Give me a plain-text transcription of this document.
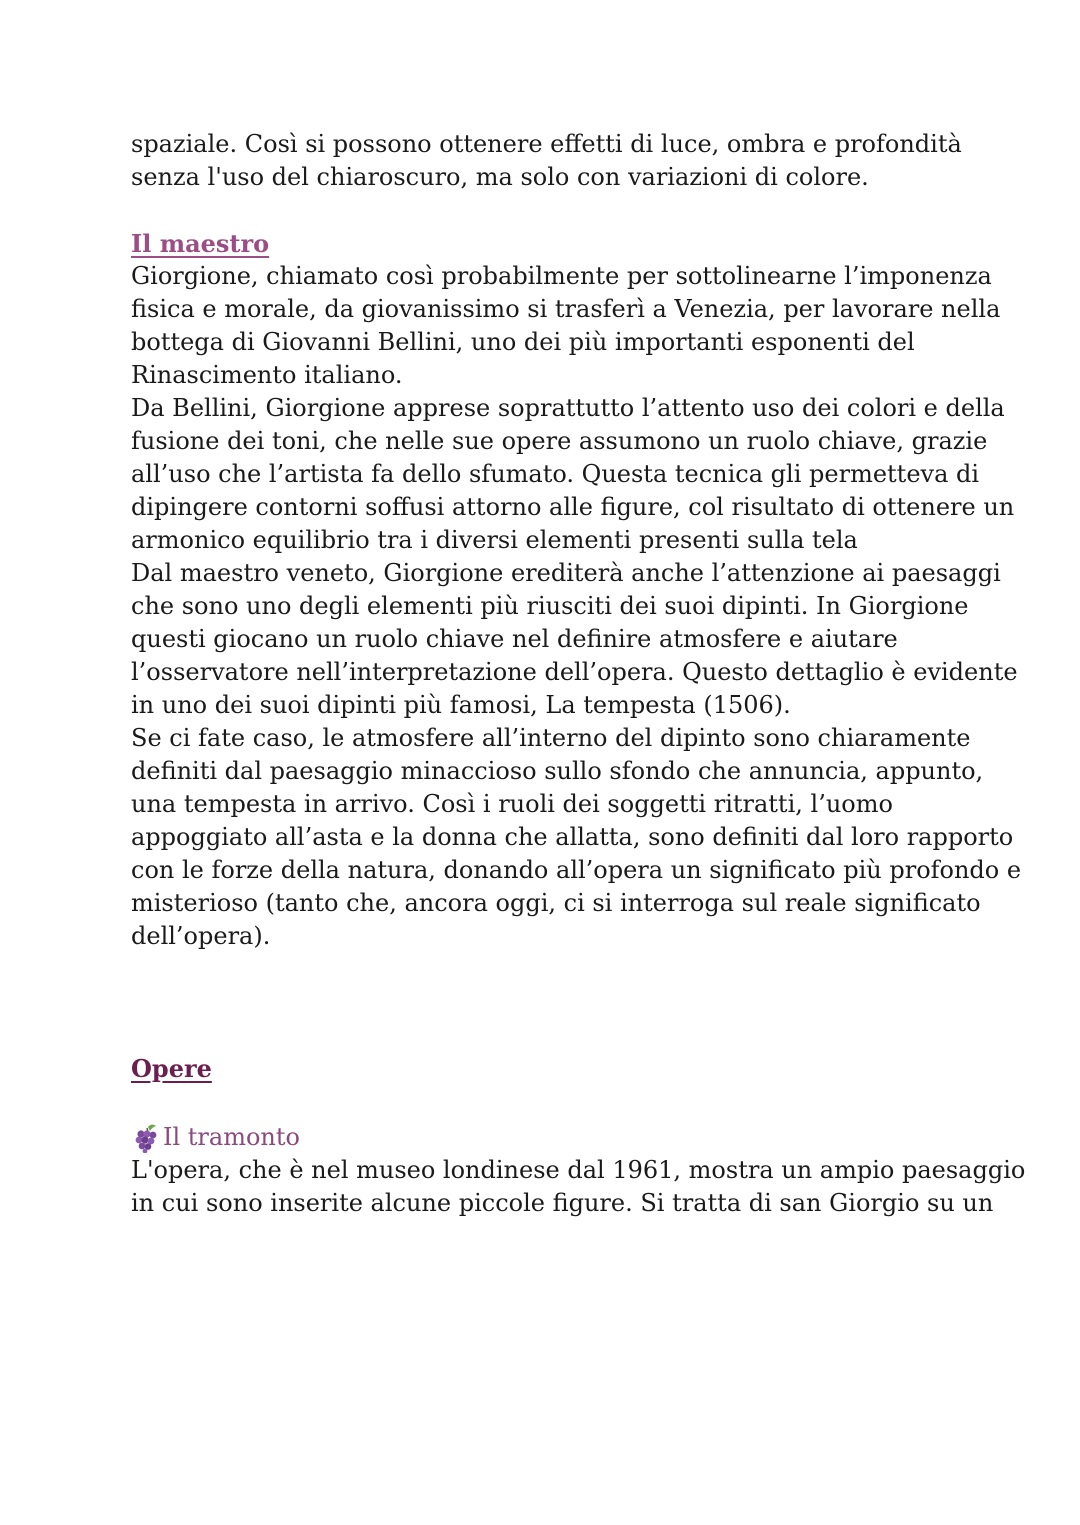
spaziale. Così si possono ottenere effetti di luce, ombra e profondità
senza l'uso del chiaroscuro, ma solo con variazioni di colore.

Il maestro

Giorgione, chiamato così probabilmente per sottolinearne l’imponenza
fisica e morale, da giovanissimo si trasferì a Venezia, per lavorare nella
bottega di Giovanni Bellini, uno dei più importanti esponenti del
Rinascimento italiano.

Da Bellini, Giorgione apprese soprattutto l’attento uso dei colori e della
fusione dei toni, che nelle sue opere assumono un ruolo chiave, grazie
all’uso che l’artista fa dello sfumato. Questa tecnica gli permetteva di
dipingere contorni soffusi attorno alle figure, col risultato di ottenere un
armonico equilibrio tra i diversi elementi presenti sulla tela

Dal maestro veneto, Giorgione erediterà anche l’attenzione ai paesaggi
che sono uno degli elementi più riusciti dei suoi dipinti. In Giorgione
questi giocano un ruolo chiave nel definire atmosfere e aiutare
l’osservatore nell’interpretazione dell’opera. Questo dettaglio è evidente
in uno dei suoi dipinti più famosi, La tempesta (1506).

Se ci fate caso, le atmosfere all’interno del dipinto sono chiaramente
definiti dal paesaggio minaccioso sullo sfondo che annuncia, appunto,
una tempesta in arrivo. Così i ruoli dei soggetti ritratti, l’uomo
appoggiato all’asta e la donna che allatta, sono definiti dal loro rapporto
con le forze della natura, donando all’opera un significato più profondo e
misterioso (tanto che, ancora oggi, ci si interroga sul reale significato
dell’opera).

Opere
Il tramonto

L'opera, che è nel museo londinese dal 1961, mostra un ampio paesaggio
in cui sono inserite alcune piccole figure. Si tratta di san Giorgio su un
